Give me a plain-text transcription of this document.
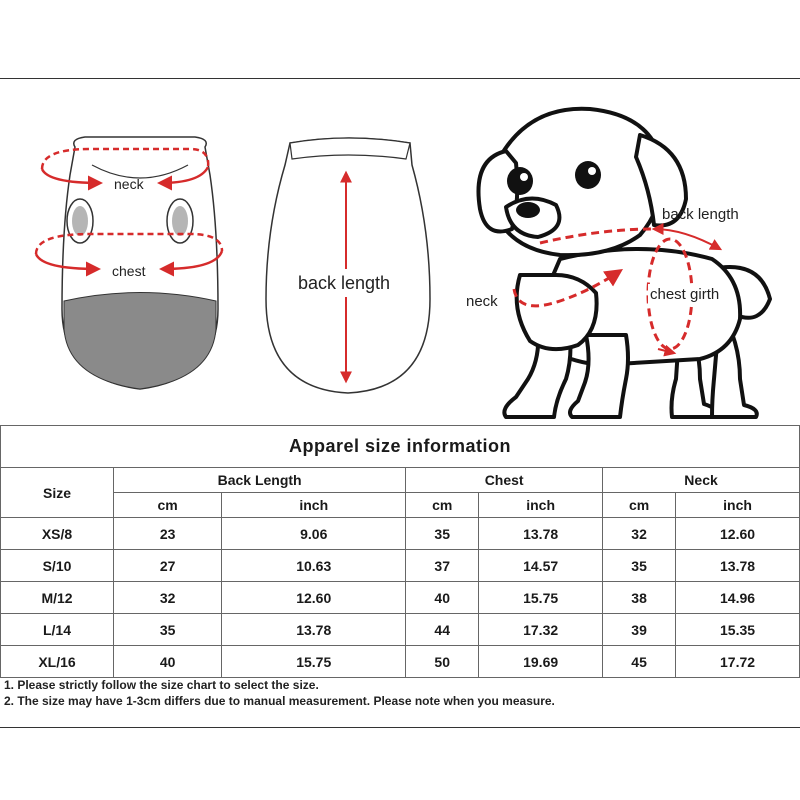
neck
chest
back length
back length
neck	chest girth
Apparel size information						
Size	Back Length		Chest		Neck	
	cm	inch	cm	inch	cm	inch
XS/8	23	9.06	35	13.78	32	12.60
S/10	27	10.63	37	14.57	35	13.78
M/12	32	12.60	40	15.75	38	14.96
L/14	35	13.78	44	17.32	39	15.35
XL/16	40	15.75	50	19.69	45	17.72
1. Please strictly follow the size chart to select the size.
2. The size may have 1-3cm differs due to manual measurement. Please note when you measure.
